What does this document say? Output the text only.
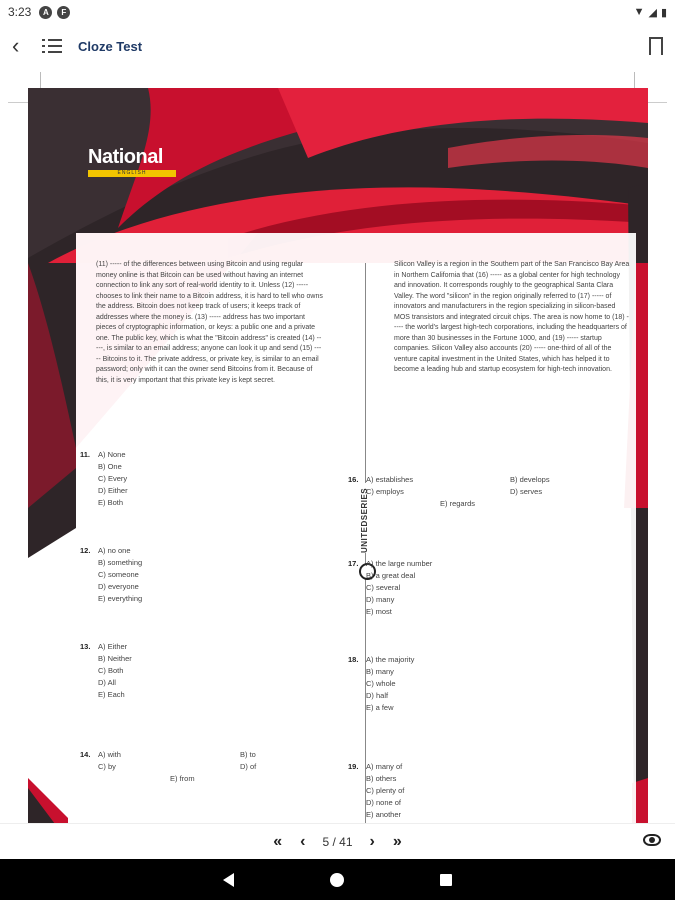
3:23	A	F	▼ ◢ ▮
‹	Cloze Test
National
ENGLISH
(11) ----- of the differences between using Bitcoin and using regular money online is that Bitcoin can be used without having an internet connection to link any sort of real-world identity to it. Unless (12) ----- chooses to link their name to a Bitcoin address, it is hard to tell who owns the address. Bitcoin does not keep track of users; it keeps track of addresses where the money is. (13) ----- address has two important pieces of cryptographic information, or keys: a public one and a private one. The public key, which is what the "Bitcoin address" is created (14) -----, is similar to an email address; anyone can look it up and send (15) ----- Bitcoins to it. The private address, or private key, is similar to an email password; only with it can the owner send Bitcoins from it. Because of this, it is very important that this private key is kept secret.
Silicon Valley is a region in the Southern part of the San Francisco Bay Area in Northern California that (16) ----- as a global center for high technology and innovation. It corresponds roughly to the geographical Santa Clara Valley. The word "silicon" in the region originally referred to (17) ----- of innovators and manufacturers in the region specializing in silicon-based MOS transistors and integrated circuit chips. The area is now home to (18) ----- the world's largest high-tech corporations, including the headquarters of more than 30 businesses in the Fortune 1000, and (19) ----- startup companies. Silicon Valley also accounts (20) ----- one-third of all of the venture capital investment in the United States, which has helped it to become a leading hub and startup ecosystem for high-tech innovation.
UNITEDSERIES
11. A) None
B) One
C) Every
D) Either
E) Both
12. A) no one
B) something
C) someone
D) everyone
E) everything
13. A) Either
B) Neither
C) Both
D) All
E) Each
14. A) with	B) to
C) by	D) of
E) from
16. A) establishes	B) develops
C) employs	D) serves
E) regards
17. A) the large number
B) a great deal
C) several
D) many
E) most
18. A) the majority
B) many
C) whole
D) half
E) a few
19. A) many of
B) others
C) plenty of
D) none of
E) another
« ‹ 5 / 41 › »
